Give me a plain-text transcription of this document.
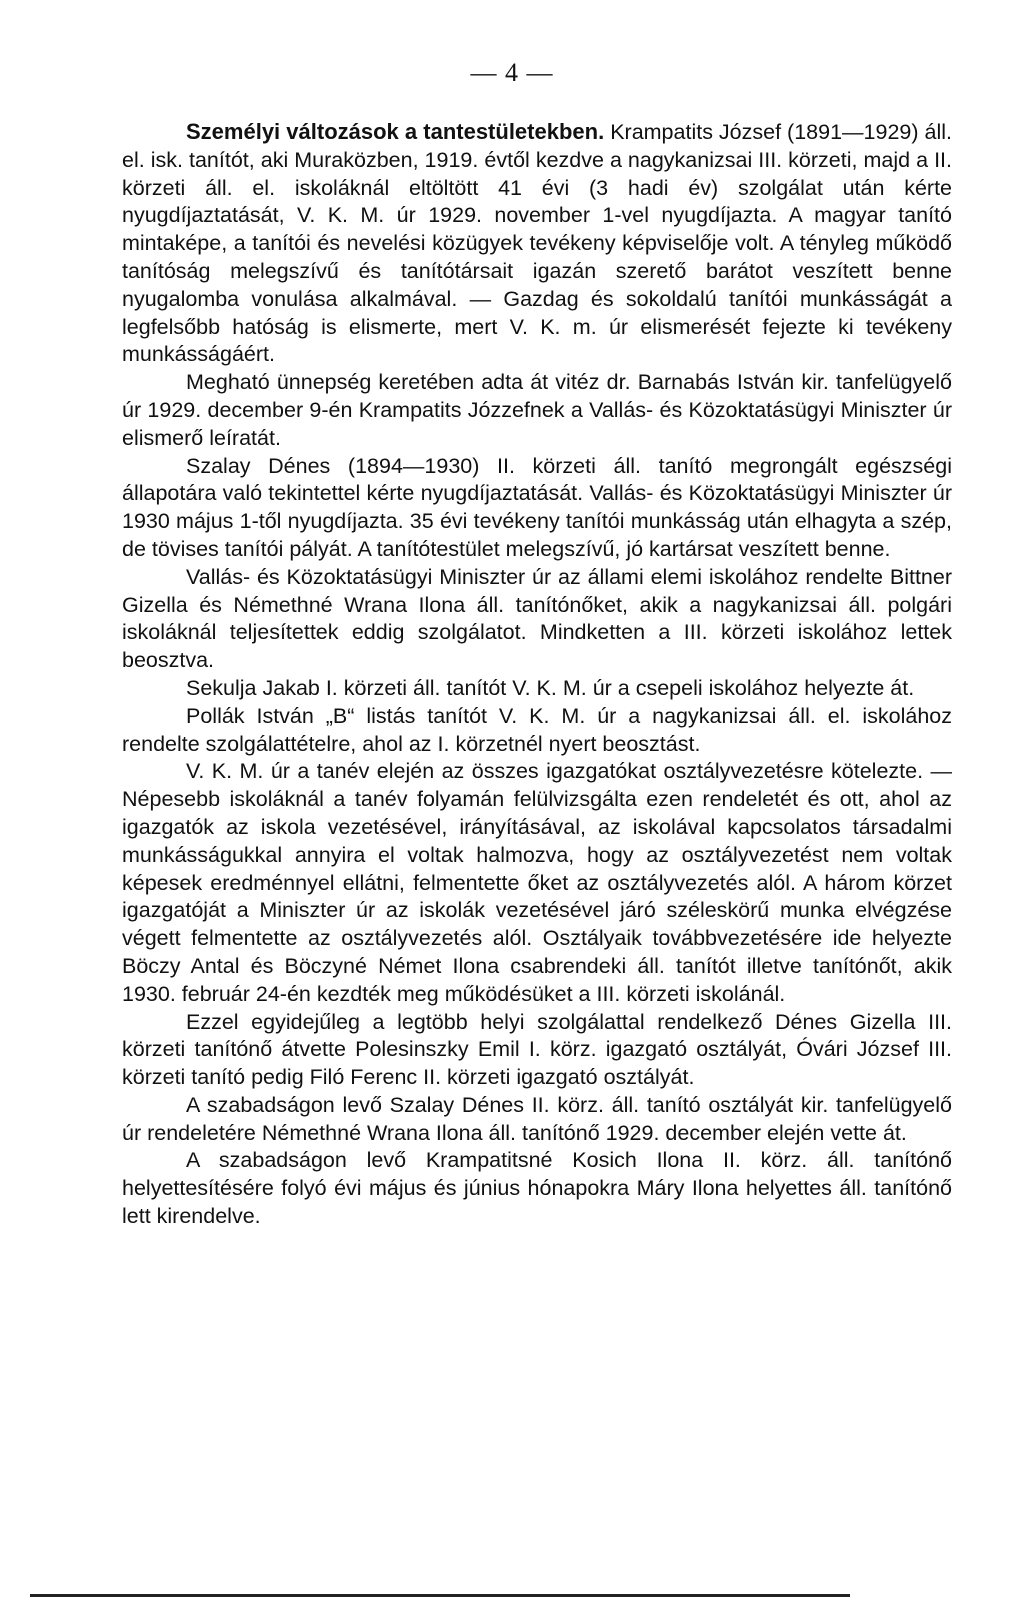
— 4 —

Személyi változások a tantestületekben. Krampatits József (1891—1929) áll. el. isk. tanítót, aki Muraközben, 1919. évtől kezdve a nagykanizsai III. körzeti, majd a II. körzeti áll. el. iskoláknál eltöltött 41 évi (3 hadi év) szolgálat után kérte nyugdíjaztatását, V. K. M. úr 1929. november 1-vel nyugdíjazta. A magyar tanító mintaképe, a tanítói és nevelési közügyek tevékeny képviselője volt. A tényleg működő tanítóság melegszívű és tanítótársait igazán szerető barátot veszített benne nyugalomba vonulása alkalmával. — Gazdag és sokoldalú tanítói munkásságát a legfelsőbb hatóság is elismerte, mert V. K. m. úr elismerését fejezte ki tevékeny munkásságáért.

Megható ünnepség keretében adta át vitéz dr. Barnabás István kir. tanfelügyelő úr 1929. december 9-én Krampatits Józzefnek a Vallás- és Közoktatásügyi Miniszter úr elismerő leíratát.

Szalay Dénes (1894—1930) II. körzeti áll. tanító megrongált egészségi állapotára való tekintettel kérte nyugdíjaztatását. Vallás- és Közoktatásügyi Miniszter úr 1930 május 1-től nyugdíjazta. 35 évi tevékeny tanítói munkásság után elhagyta a szép, de tövises tanítói pályát. A tanítótestület melegszívű, jó kartársat veszített benne.

Vallás- és Közoktatásügyi Miniszter úr az állami elemi iskolához rendelte Bittner Gizella és Némethné Wrana Ilona áll. tanítónőket, akik a nagykanizsai áll. polgári iskoláknál teljesítettek eddig szolgálatot. Mindketten a III. körzeti iskolához lettek beosztva.

Sekulja Jakab I. körzeti áll. tanítót V. K. M. úr a csepeli iskolához helyezte át.

Pollák István „B“ listás tanítót V. K. M. úr a nagykanizsai áll. el. iskolához rendelte szolgálattételre, ahol az I. körzetnél nyert beosztást.

V. K. M. úr a tanév elején az összes igazgatókat osztályvezetésre kötelezte. — Népesebb iskoláknál a tanév folyamán felülvizsgálta ezen rendeletét és ott, ahol az igazgatók az iskola vezetésével, irányításával, az iskolával kapcsolatos társadalmi munkásságukkal annyira el voltak halmozva, hogy az osztályvezetést nem voltak képesek eredménnyel ellátni, felmentette őket az osztályvezetés alól. A három körzet igazgatóját a Miniszter úr az iskolák vezetésével járó széleskörű munka elvégzése végett felmentette az osztályvezetés alól. Osztályaik továbbvezetésére ide helyezte Böczy Antal és Böczyné Német Ilona csabrendeki áll. tanítót illetve tanítónőt, akik 1930. február 24-én kezdték meg működésüket a III. körzeti iskolánál.

Ezzel egyidejűleg a legtöbb helyi szolgálattal rendelkező Dénes Gizella III. körzeti tanítónő átvette Polesinszky Emil I. körz. igazgató osztályát, Óvári József III. körzeti tanító pedig Filó Ferenc II. körzeti igazgató osztályát.

A szabadságon levő Szalay Dénes II. körz. áll. tanító osztályát kir. tanfelügyelő úr rendeletére Némethné Wrana Ilona áll. tanítónő 1929. december elején vette át.

A szabadságon levő Krampatitsné Kosich Ilona II. körz. áll. tanítónő helyettesítésére folyó évi május és június hónapokra Máry Ilona helyettes áll. tanítónő lett kirendelve.
